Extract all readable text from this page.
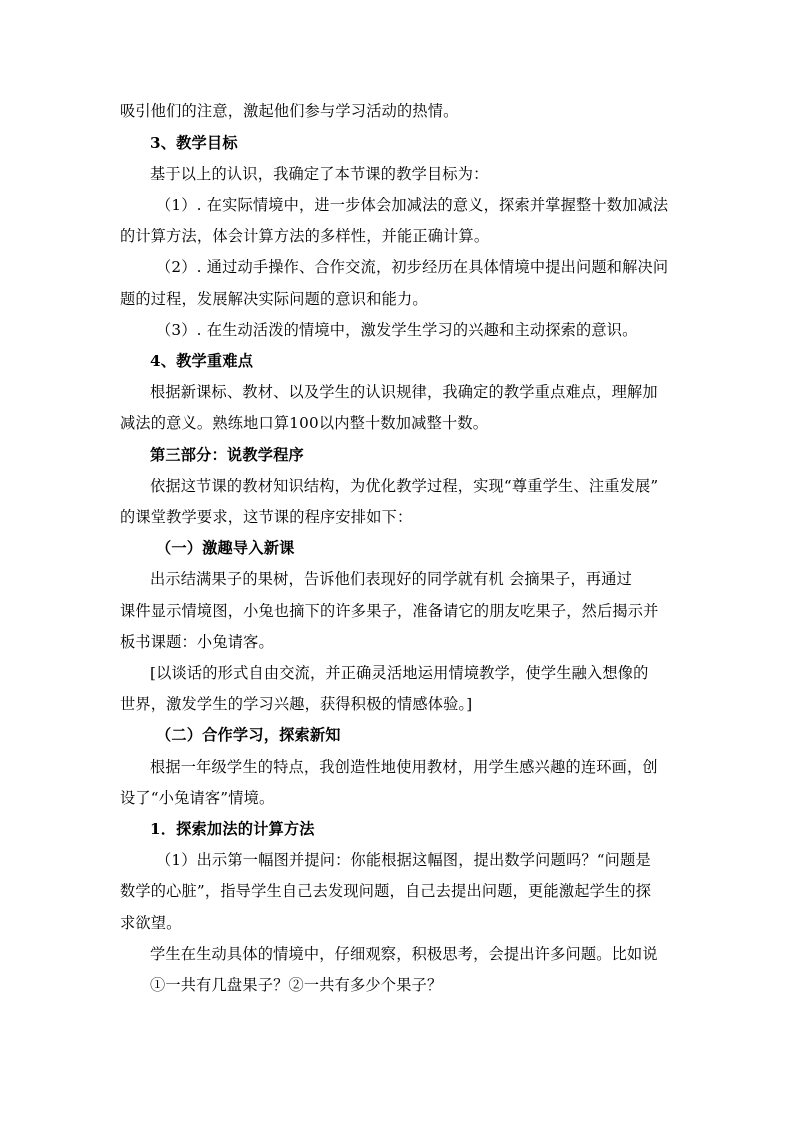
吸引他们的注意，激起他们参与学习活动的热情。
3、教学目标
基于以上的认识，我确定了本节课的教学目标为：
（1）. 在实际情境中，进一步体会加减法的意义，探索并掌握整十数加减法
的计算方法，体会计算方法的多样性，并能正确计算。
（2）. 通过动手操作、合作交流，初步经历在具体情境中提出问题和解决问
题的过程，发展解决实际问题的意识和能力。
（3）. 在生动活泼的情境中，激发学生学习的兴趣和主动探索的意识。
4、教学重难点
根据新课标、教材、以及学生的认识规律，我确定的教学重点难点，理解加
减法的意义。熟练地口算100以内整十数加减整十数。
第三部分：说教学程序
依据这节课的教材知识结构，为优化教学过程，实现“尊重学生、注重发展”
的课堂教学要求，这节课的程序安排如下：
（一）激趣导入新课
出示结满果子的果树，告诉他们表现好的同学就有机 会摘果子，再通过
课件显示情境图，小兔也摘下的许多果子，准备请它的朋友吃果子，然后揭示并
板书课题：小兔请客。
[以谈话的形式自由交流，并正确灵活地运用情境教学，使学生融入想像的
世界，激发学生的学习兴趣，获得积极的情感体验。]
（二）合作学习，探索新知
根据一年级学生的特点，我创造性地使用教材，用学生感兴趣的连环画，创
设了“小兔请客”情境。
1．探索加法的计算方法
（1）出示第一幅图并提问：你能根据这幅图，提出数学问题吗？“问题是
数学的心脏”，指导学生自己去发现问题，自己去提出问题，更能激起学生的探
求欲望。
学生在生动具体的情境中，仔细观察，积极思考，会提出许多问题。比如说
①一共有几盘果子？②一共有多少个果子？
